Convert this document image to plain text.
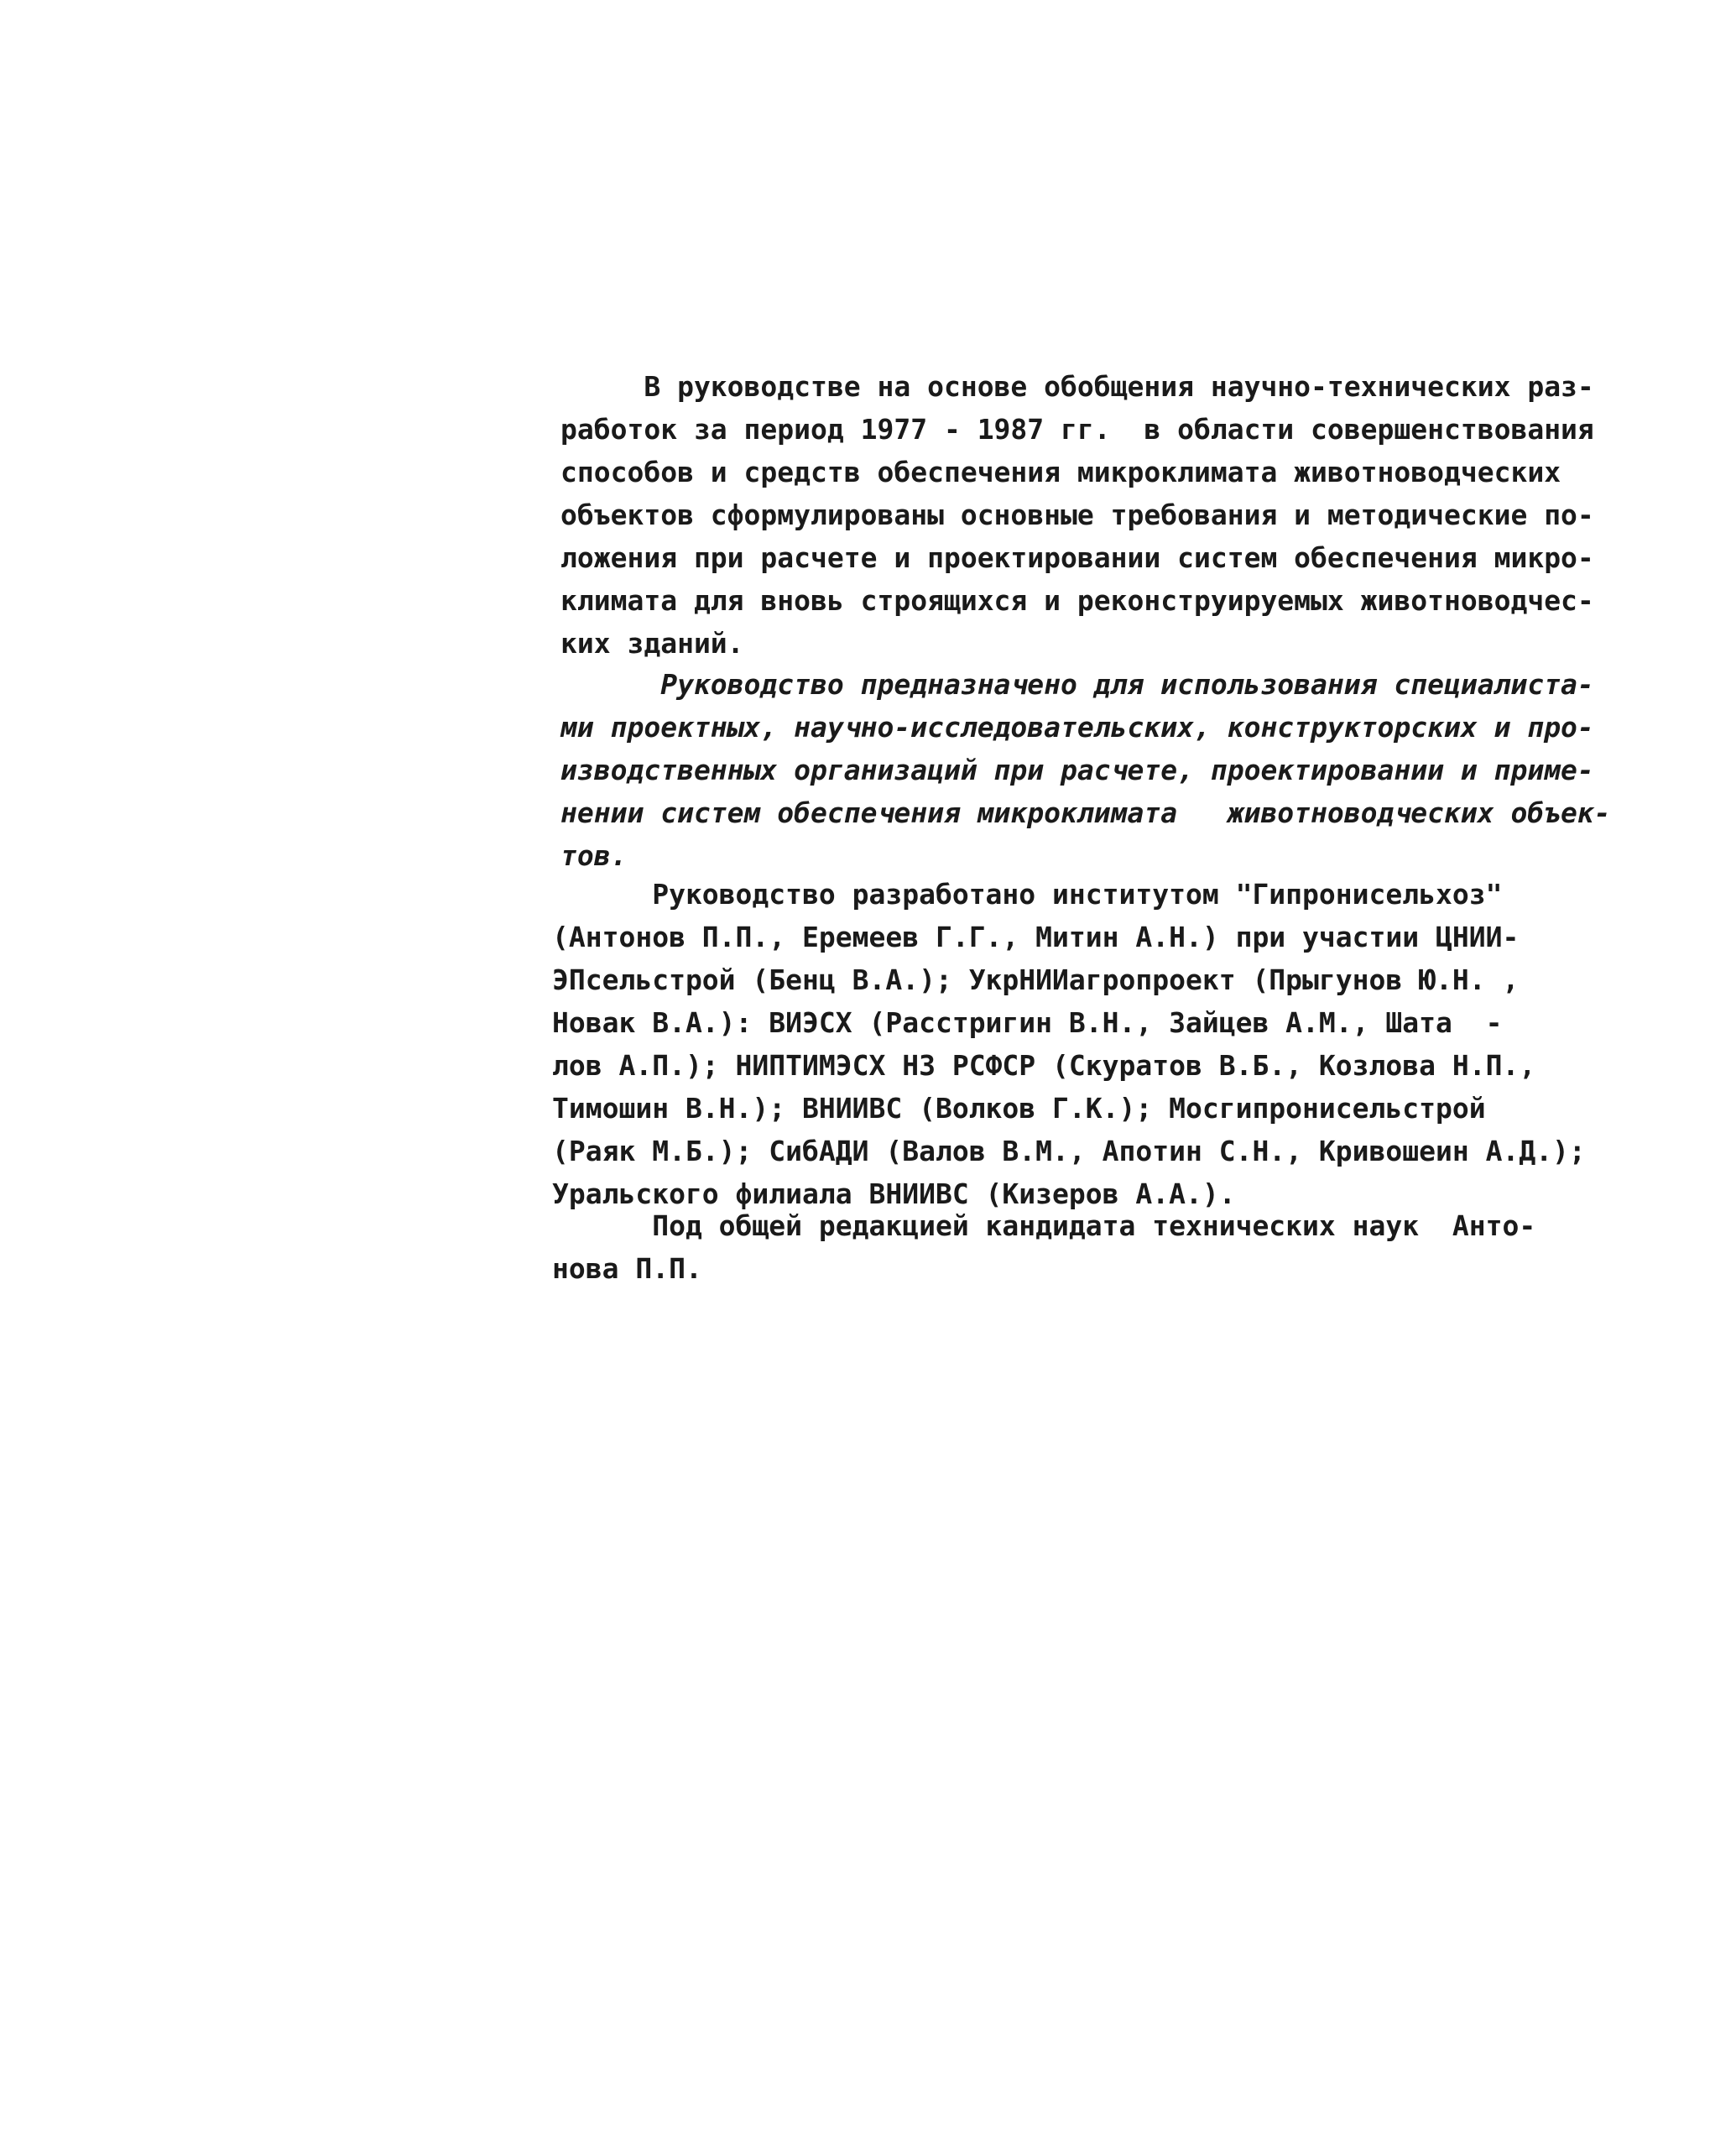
В руководстве на основе обобщения научно-технических раз-
работок за период 1977 - 1987 гг.  в области совершенствования
способов и средств обеспечения микроклимата животноводческих
объектов сформулированы основные требования и методические по-
ложения при расчете и проектировании систем обеспечения микро-
климата для вновь строящихся и реконструируемых животноводчес-
ких зданий.
Руководство предназначено для использования специалиста-
ми проектных, научно-исследовательских, конструкторских и про-
изводственных организаций при расчете, проектировании и приме-
нении систем обеспечения микроклимата   животноводческих объек-
тов.
Руководство разработано институтом "Гипронисельхоз"
(Антонов П.П., Еремеев Г.Г., Митин А.Н.) при участии ЦНИИ-
ЭПсельстрой (Бенц В.А.); УкрНИИагропроект (Прыгунов Ю.Н. ,
Новак В.А.): ВИЭСХ (Расстригин В.Н., Зайцев А.М., Шата  -
лов А.П.); НИПТИМЭСХ НЗ РСФСР (Скуратов В.Б., Козлова Н.П.,
Тимошин В.Н.); ВНИИВС (Волков Г.К.); Мосгипронисельстрой
(Раяк М.Б.); СибАДИ (Валов В.М., Апотин С.Н., Кривошеин А.Д.);
Уральского филиала ВНИИВС (Кизеров А.А.).
Под общей редакцией кандидата технических наук  Анто-
нова П.П.
